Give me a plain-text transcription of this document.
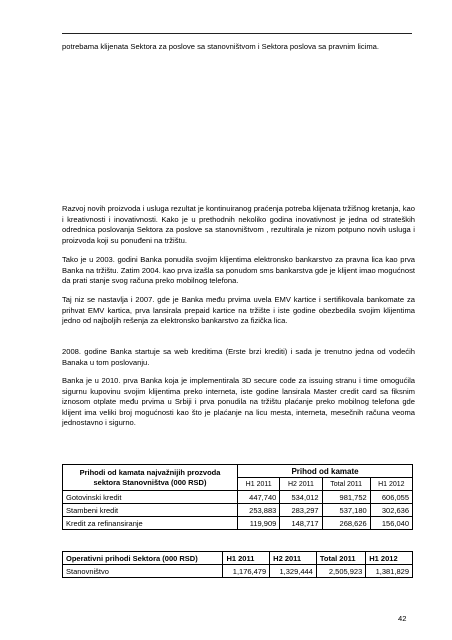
potrebama klijenata Sektora za poslove sa stanovništvom i Sektora poslova sa pravnim licima.

Razvoj novih proizvoda i usluga rezultat je kontinuiranog praćenja potreba klijenata tržišnog kretanja, kao i kreativnosti i inovativnosti. Kako je u prethodnih nekoliko godina inovativnost je jedna od strateških odrednica poslovanja Sektora za poslove sa stanovništvom , rezultirala je nizom potpuno novih usluga i proizvoda koji su ponuđeni na tržištu.

Tako je u 2003. godini Banka ponudila svojim klijentima elektronsko bankarstvo za pravna lica kao prva Banka na tržištu. Zatim 2004. kao prva izašla sa ponudom sms bankarstva gde je klijent imao mogućnost da prati stanje svog računa preko mobilnog telefona.

Taj niz se nastavlja i 2007. gde je Banka među prvima uvela EMV kartice i sertifikovala bankomate za prihvat EMV kartica, prva lansirala prepaid kartice na tržište i iste godine obezbedila svojim klijentima jedno od najboljih rešenja za elektronsko bankarstvo za fizička lica.

2008. godine Banka startuje sa web kreditima (Erste brzi krediti) i sada je trenutno jedna od vodećih Banaka u tom poslovanju.

Banka je u 2010. prva Banka koja je implementirala 3D secure code za issuing stranu i time omogućila sigurnu kupovinu svojim klijentima preko interneta, iste godine lansirala Master credit card sa fiksnim iznosom otplate među prvima u Srbiji i prva ponudila na tržištu plaćanje preko mobilnog telefona gde klijent ima veliki broj mogućnosti kao što je plaćanje na licu mesta, interneta, mesečnih računa veoma jednostavno i sigurno.

Prihodi od kamata najvažnijih prozvoda sektora Stanovništva (000 RSD)	Prihod od kamate			
	H1 2011	H2 2011	Total 2011	H1 2012
Gotovinski kredit	447,740	534,012	981,752	606,055
Stambeni kredit	253,883	283,297	537,180	302,636
Kredit za refinansiranje	119,909	148,717	268,626	156,040
Operativni prihodi Sektora (000 RSD)	H1 2011	H2 2011	Total 2011	H1 2012
Stanovništvo	1,176,479	1,329,444	2,505,923	1,381,829
42
